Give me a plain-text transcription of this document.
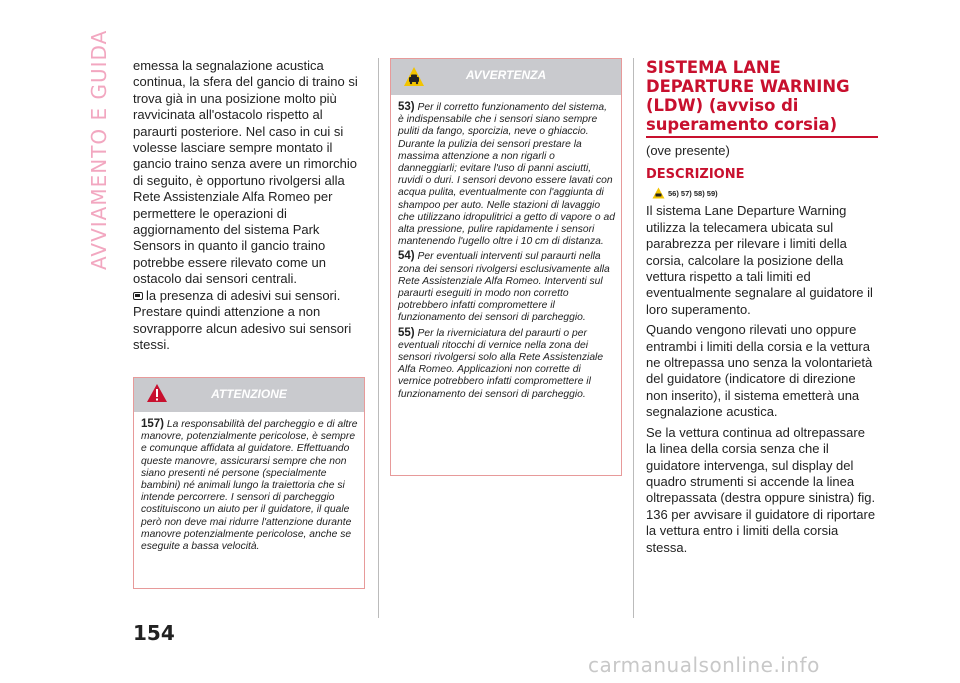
AVVIAMENTO E GUIDA emessa la segnalazione acustica continua, la sfera del gancio di traino si trova già in una posizione molto più ravvicinata all'ostacolo rispetto al paraurti posteriore. Nel caso in cui si volesse lasciare sempre montato il gancio traino senza avere un rimorchio di seguito, è opportuno rivolgersi alla Rete Assistenziale Alfa Romeo per permettere le operazioni di aggiornamento del sistema Park Sensors in quanto il gancio traino potrebbe essere rilevato come un ostacolo dai sensori centrali.

la presenza di adesivi sui sensori.

Prestare quindi attenzione a non sovrapporre alcun adesivo sui sensori stessi.

ATTENZIONE

157) La responsabilità del parcheggio e di altre manovre, potenzialmente pericolose, è sempre e comunque affidata al guidatore. Effettuando queste manovre, assicurarsi sempre che non siano presenti né persone (specialmente bambini) né animali lungo la traiettoria che si intende percorrere. I sensori di parcheggio costituiscono un aiuto per il guidatore, il quale però non deve mai ridurre l'attenzione durante manovre potenzialmente pericolose, anche se eseguite a bassa velocità.

AVVERTENZA

53) Per il corretto funzionamento del sistema, è indispensabile che i sensori siano sempre puliti da fango, sporcizia, neve o ghiaccio. Durante la pulizia dei sensori prestare la massima attenzione a non rigarli o danneggiarli; evitare l'uso di panni asciutti, ruvidi o duri. I sensori devono essere lavati con acqua pulita, eventualmente con l'aggiunta di shampoo per auto. Nelle stazioni di lavaggio che utilizzano idropulitrici a getto di vapore o ad alta pressione, pulire rapidamente i sensori mantenendo l'ugello oltre i 10 cm di distanza.

54) Per eventuali interventi sul paraurti nella zona dei sensori rivolgersi esclusivamente alla Rete Assistenziale Alfa Romeo. Interventi sul paraurti eseguiti in modo non corretto potrebbero infatti compromettere il funzionamento dei sensori di parcheggio.

55) Per la riverniciatura del paraurti o per eventuali ritocchi di vernice nella zona dei sensori rivolgersi solo alla Rete Assistenziale Alfa Romeo. Applicazioni non corrette di vernice potrebbero infatti compromettere il funzionamento dei sensori di parcheggio.

SISTEMA LANE DEPARTURE WARNING (LDW) (avviso di superamento corsia)

(ove presente)

DESCRIZIONE
56) 57) 58) 59)

Il sistema Lane Departure Warning utilizza la telecamera ubicata sul parabrezza per rilevare i limiti della corsia, calcolare la posizione della vettura rispetto a tali limiti ed eventualmente segnalare al guidatore il loro superamento.

Quando vengono rilevati uno oppure entrambi i limiti della corsia e la vettura ne oltrepassa uno senza la volontarietà del guidatore (indicatore di direzione non inserito), il sistema emetterà una segnalazione acustica.

Se la vettura continua ad oltrepassare la linea della corsia senza che il guidatore intervenga, sul display del quadro strumenti si accende la linea oltrepassata (destra oppure sinistra) fig. 136 per avvisare il guidatore di riportare la vettura entro i limiti della corsia stessa.

154
carmanualsonline.info
